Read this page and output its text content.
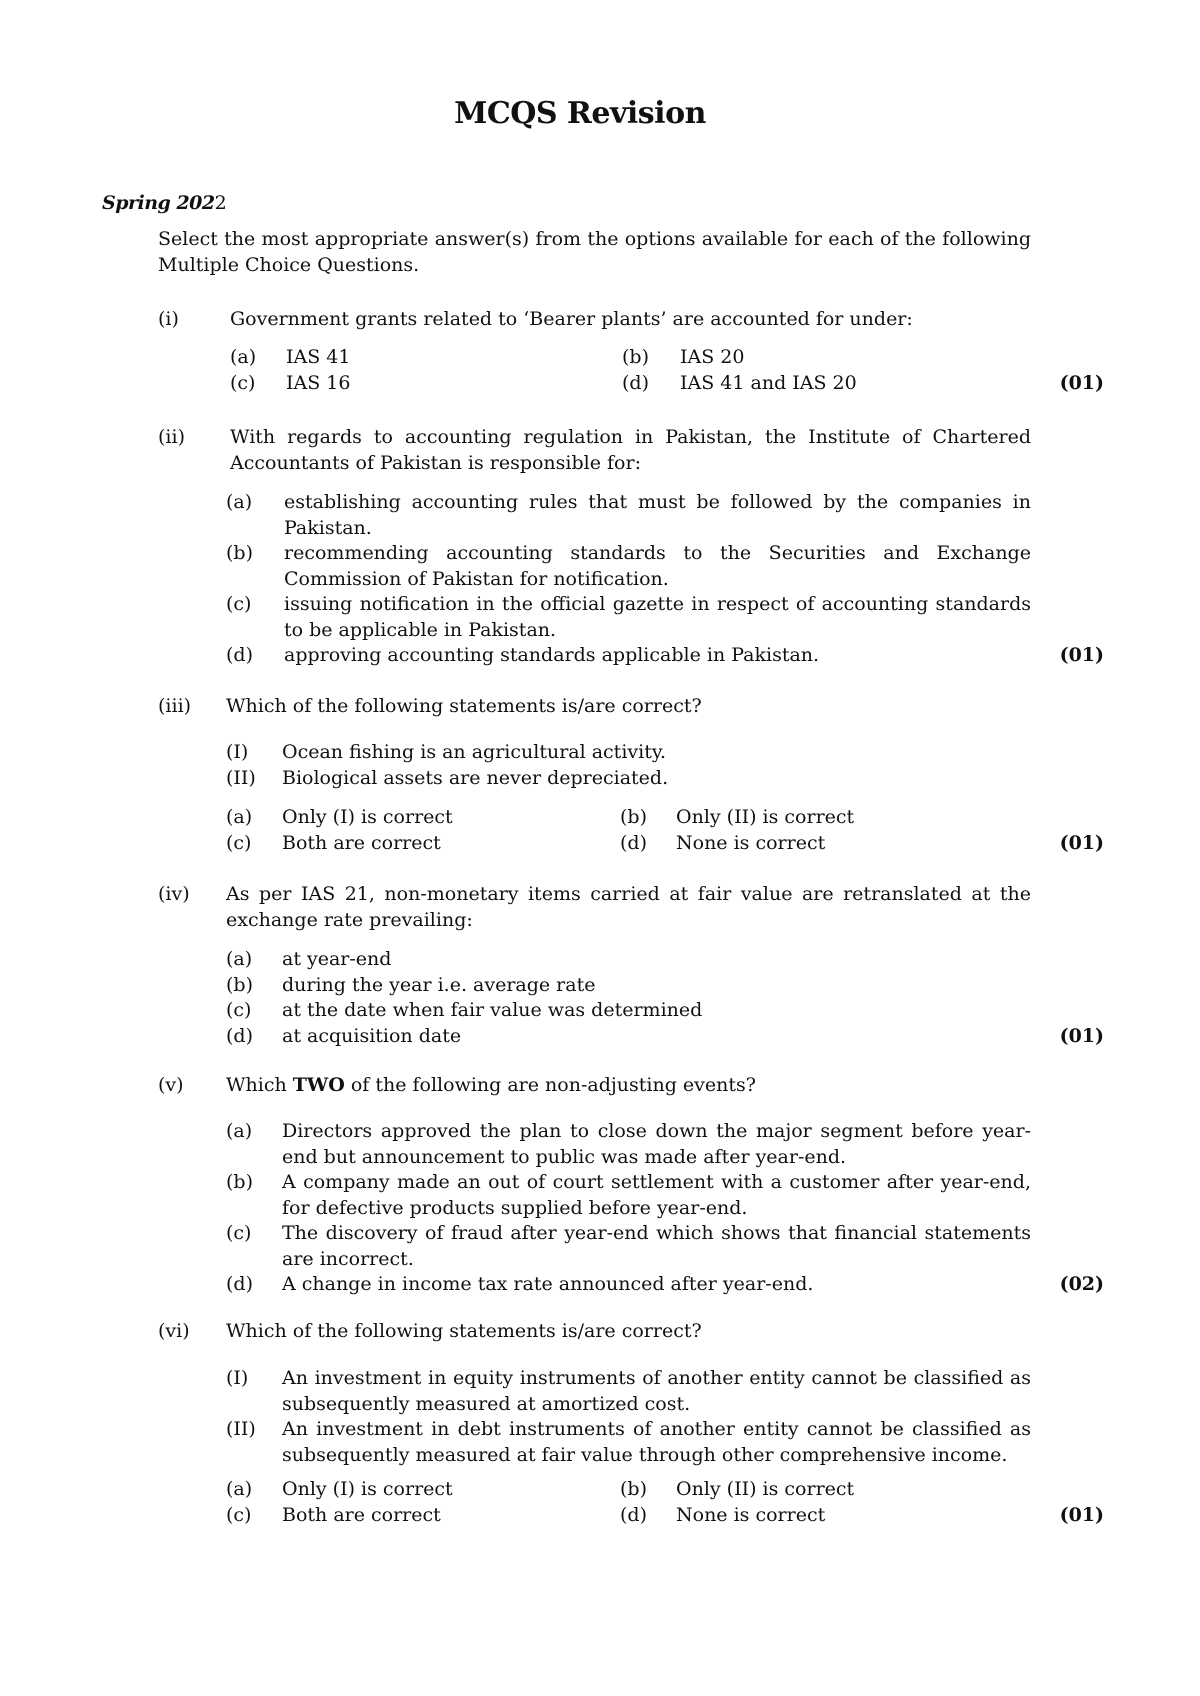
MCQS Revision
Spring 2022
Select the most appropriate answer(s) from the options available for each of the following Multiple Choice Questions.
(i)	Government grants related to ‘Bearer plants’ are accounted for under:
(a) IAS 41	(b) IAS 20
(c) IAS 16	(d) IAS 41 and IAS 20	(01)
(ii) With regards to accounting regulation in Pakistan, the Institute of Chartered Accountants of Pakistan is responsible for:
(a) establishing accounting rules that must be followed by the companies in Pakistan.
(b) recommending accounting standards to the Securities and Exchange Commission of Pakistan for notification.
(c) issuing notification in the official gazette in respect of accounting standards to be applicable in Pakistan.
(d) approving accounting standards applicable in Pakistan.	(01)
(iii) Which of the following statements is/are correct?
(I) Ocean fishing is an agricultural activity.
(II) Biological assets are never depreciated.
(a) Only (I) is correct	(b) Only (II) is correct
(c) Both are correct	(d) None is correct	(01)
(iv) As per IAS 21, non-monetary items carried at fair value are retranslated at the exchange rate prevailing:
(a) at year-end
(b) during the year i.e. average rate
(c) at the date when fair value was determined
(d) at acquisition date	(01)
(v) Which TWO of the following are non-adjusting events?
(a) Directors approved the plan to close down the major segment before year-end but announcement to public was made after year-end.
(b) A company made an out of court settlement with a customer after year-end, for defective products supplied before year-end.
(c) The discovery of fraud after year-end which shows that financial statements are incorrect.
(d) A change in income tax rate announced after year-end.	(02)
(vi) Which of the following statements is/are correct?
(I) An investment in equity instruments of another entity cannot be classified as subsequently measured at amortized cost.
(II) An investment in debt instruments of another entity cannot be classified as subsequently measured at fair value through other comprehensive income.
(a) Only (I) is correct	(b) Only (II) is correct
(c) Both are correct	(d) None is correct	(01)
